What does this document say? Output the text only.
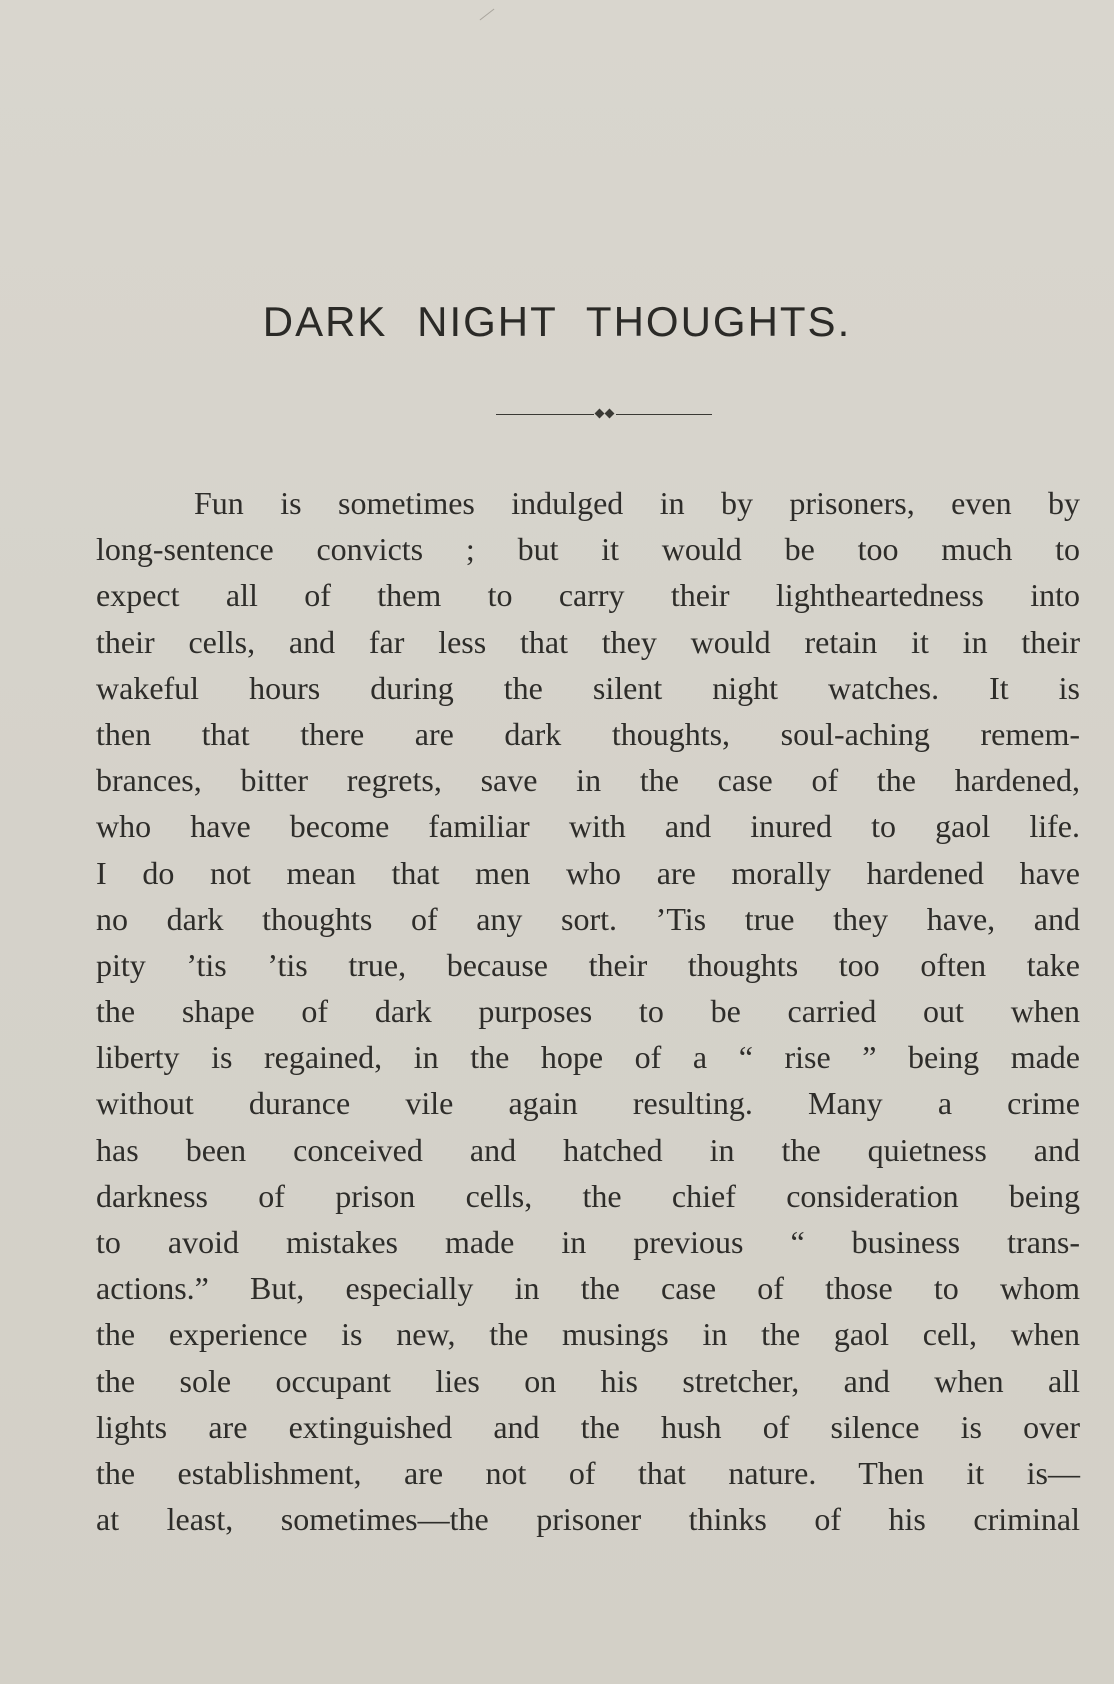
DARK NIGHT THOUGHTS.
Fun is sometimes indulged in by prisoners, even by
long-sentence convicts ; but it would be too much to
expect all of them to carry their lightheartedness into
their cells, and far less that they would retain it in their
wakeful hours during the silent night watches. It is
then that there are dark thoughts, soul-aching remem-
brances, bitter regrets, save in the case of the hardened,
who have become familiar with and inured to gaol life.
I do not mean that men who are morally hardened have
no dark thoughts of any sort. ’Tis true they have, and
pity ’tis ’tis true, because their thoughts too often take
the shape of dark purposes to be carried out when
liberty is regained, in the hope of a “ rise ” being made
without durance vile again resulting. Many a crime
has been conceived and hatched in the quietness and
darkness of prison cells, the chief consideration being
to avoid mistakes made in previous “ business trans-
actions.” But, especially in the case of those to whom
the experience is new, the musings in the gaol cell, when
the sole occupant lies on his stretcher, and when all
lights are extinguished and the hush of silence is over
the establishment, are not of that nature. Then it is—
at least, sometimes—the prisoner thinks of his criminal
